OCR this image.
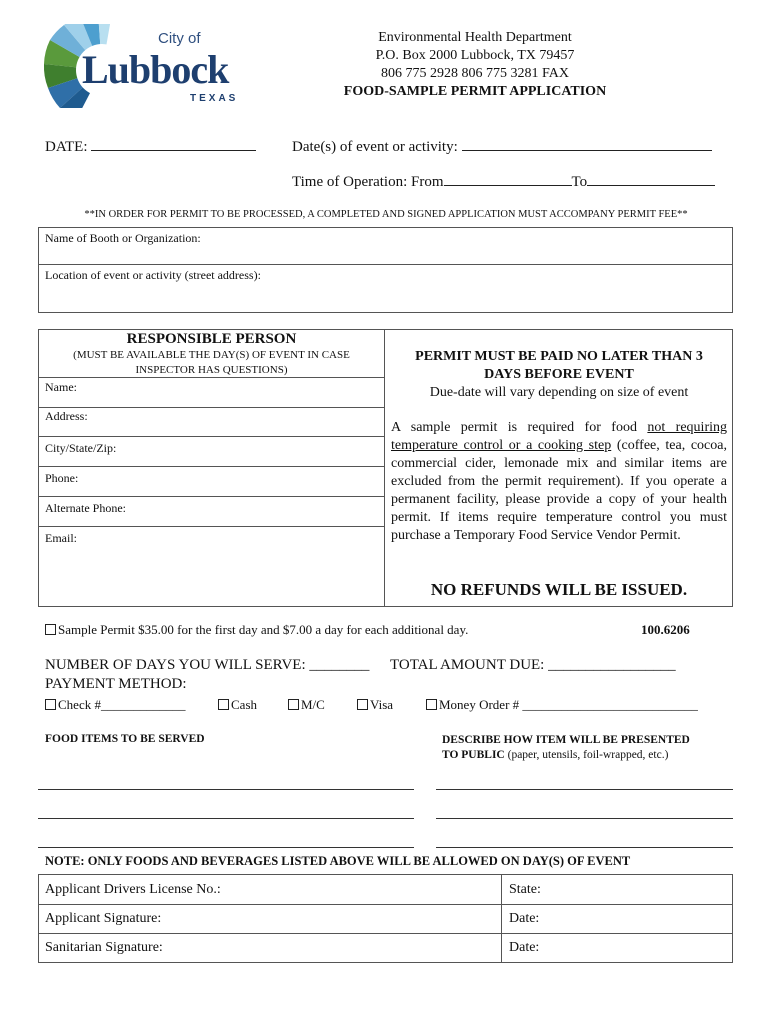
City of
Lubbock
TEXAS
Environmental Health Department
P.O. Box 2000 Lubbock, TX 79457
806 775 2928 806 775 3281 FAX
FOOD-SAMPLE PERMIT APPLICATION
DATE:	Date(s) of event or activity:
Time of Operation: From	To
**IN ORDER FOR PERMIT TO BE PROCESSED, A COMPLETED AND SIGNED APPLICATION MUST ACCOMPANY PERMIT FEE**
Name of Booth or Organization:
Location of event or activity (street address):
RESPONSIBLE PERSON
(MUST BE AVAILABLE THE DAY(S) OF EVENT IN CASE INSPECTOR HAS QUESTIONS)
Name:
Address:
City/State/Zip:
Phone:
Alternate Phone:
Email:
PERMIT MUST BE PAID NO LATER THAN 3 DAYS BEFORE EVENT
Due-date will vary depending on size of event
A sample permit is required for food not requiring temperature control or a cooking step (coffee, tea, cocoa, commercial cider, lemonade mix and similar items are excluded from the permit requirement). If you operate a permanent facility, please provide a copy of your health permit. If items require temperature control you must purchase a Temporary Food Service Vendor Permit.
NO REFUNDS WILL BE ISSUED.
Sample Permit $35.00 for the first day and $7.00 a day for each additional day.	100.6206
NUMBER OF DAYS YOU WILL SERVE: ________ TOTAL AMOUNT DUE: _________________
PAYMENT METHOD:
Check #_____________	Cash	M/C	Visa	Money Order # ___________________________
FOOD ITEMS TO BE SERVED	DESCRIBE HOW ITEM WILL BE PRESENTED
TO PUBLIC (paper, utensils, foil-wrapped, etc.)
NOTE: ONLY FOODS AND BEVERAGES LISTED ABOVE WILL BE ALLOWED ON DAY(S) OF EVENT
Applicant Drivers License No.:	State:
Applicant Signature:	Date:
Sanitarian Signature:	Date:
